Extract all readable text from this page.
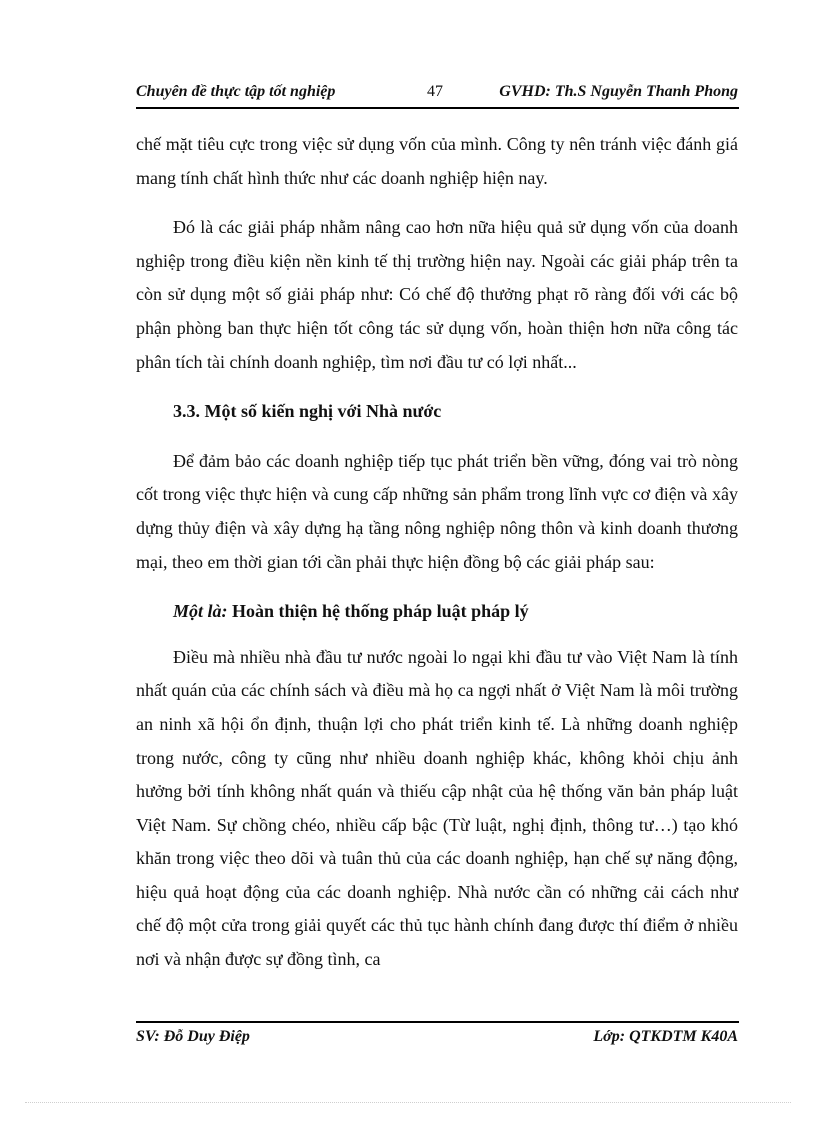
Chuyên đề thực tập tốt nghiệp	47	GVHD: Th.S Nguyễn Thanh Phong

chế mặt tiêu cực trong việc sử dụng vốn của mình. Công ty nên tránh việc đánh giá mang tính chất hình thức như các doanh nghiệp hiện nay.

Đó là các giải pháp nhằm nâng cao hơn nữa hiệu quả sử dụng vốn của doanh nghiệp trong điều kiện nền kinh tế thị trường hiện nay. Ngoài các giải pháp trên ta còn sử dụng một số giải pháp như: Có chế độ thưởng phạt rõ ràng đối với các bộ phận phòng ban thực hiện tốt công tác sử dụng vốn, hoàn thiện hơn nữa công tác phân tích tài chính doanh nghiệp, tìm nơi đầu tư có lợi nhất...

3.3. Một số kiến nghị với Nhà nước

Để đảm bảo các doanh nghiệp tiếp tục phát triển bền vững, đóng vai trò nòng cốt trong việc thực hiện và cung cấp những sản phẩm trong lĩnh vực cơ điện và xây dựng thủy điện và xây dựng hạ tầng nông nghiệp nông thôn và kinh doanh thương mại, theo em thời gian tới cần phải thực hiện đồng bộ các giải pháp sau:

Một là: Hoàn thiện hệ thống pháp luật pháp lý

Điều mà nhiều nhà đầu tư nước ngoài lo ngại khi đầu tư vào Việt Nam là tính nhất quán của các chính sách và điều mà họ ca ngợi nhất ở Việt Nam là môi trường an ninh xã hội ổn định, thuận lợi cho phát triển kinh tế. Là những doanh nghiệp trong nước, công ty cũng như nhiều doanh nghiệp khác, không khỏi chịu ảnh hưởng bởi tính không nhất quán và thiếu cập nhật của hệ thống văn bản pháp luật Việt Nam. Sự chồng chéo, nhiều cấp bậc (Từ luật, nghị định, thông tư…) tạo khó khăn trong việc theo dõi và tuân thủ của các doanh nghiệp, hạn chế sự năng động, hiệu quả hoạt động của các doanh nghiệp. Nhà nước cần có những cải cách như chế độ một cửa trong giải quyết các thủ tục hành chính đang được thí điểm ở nhiều nơi và nhận được sự đồng tình, ca

SV: Đỗ Duy Điệp	Lớp: QTKDTM K40A
